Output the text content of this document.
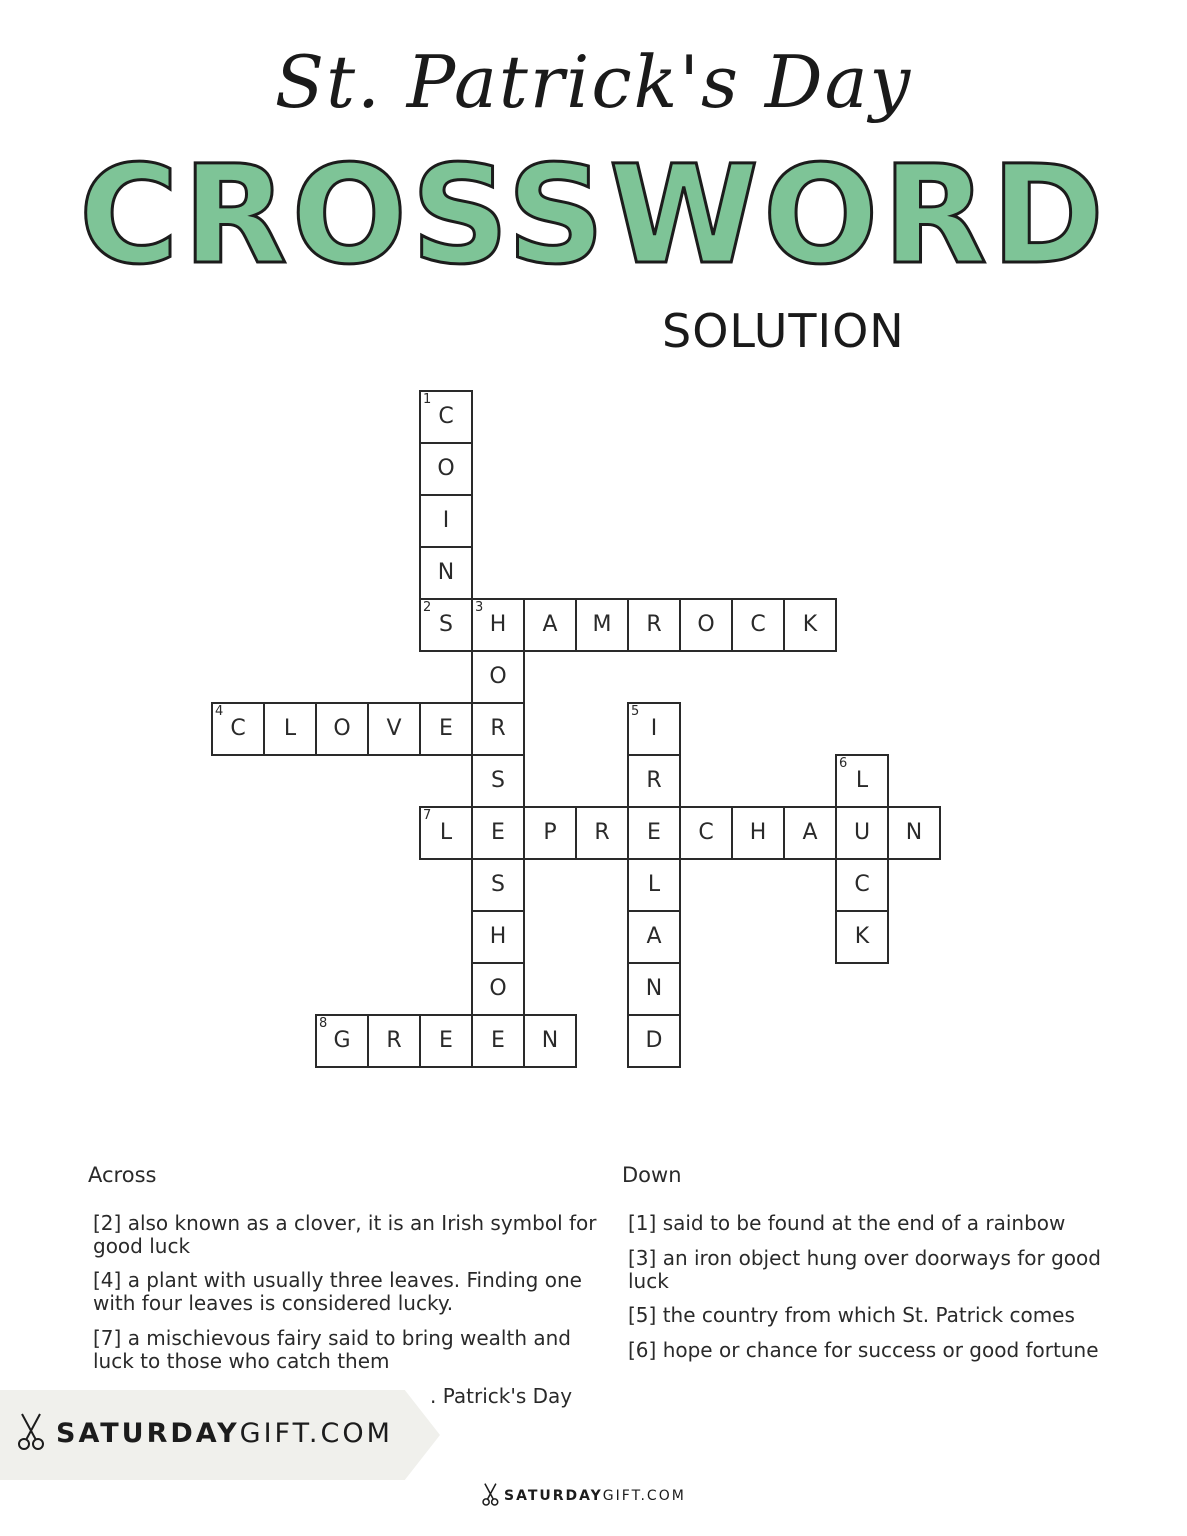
St. Patrick's Day
CROSSWORD
SOLUTION
C
1
O
I
N
S
2
H
3
A	M	R	O	C	K
O
R
S
E
S
H
O
E
C
4
L	O	V	E	I
5
R
E
L
A
N
D
L
6
U
C
K
L
7
P	R	C	H	A	N
G
8
R	E	N
Across	Down
[2] also known as a clover, it is an Irish symbol for good luck
[4] a plant with usually three leaves. Finding one with four leaves is considered lucky.
[7] a mischievous fairy said to bring wealth and luck to those who catch them
. Patrick's Day
[1] said to be found at the end of a rainbow
[3] an iron object hung over doorways for good luck
[5] the country from which St. Patrick comes
[6] hope or chance for success or good fortune
SATURDAYGIFT.COM
SATURDAYGIFT.COM
